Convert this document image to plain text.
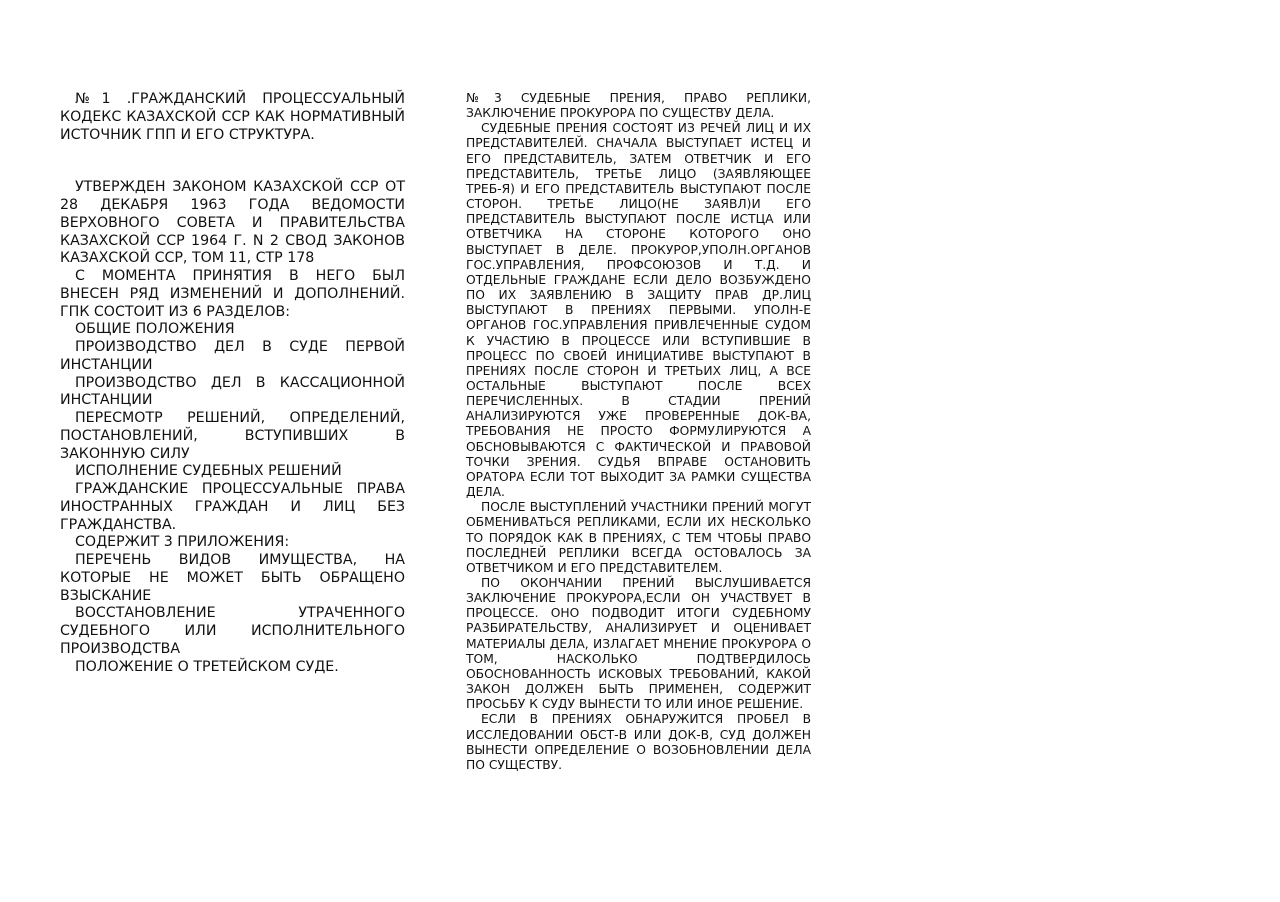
№1 .ГРАЖДАНСКИЙ ПРОЦЕССУАЛЬНЫЙ КОДЕКС КАЗАХСКОЙ ССР КАК НОРМАТИВНЫЙ ИСТОЧНИК ГПП И ЕГО СТРУКТУРА.

УТВЕРЖДЕН ЗАКОНОМ КАЗАХСКОЙ ССР ОТ 28 ДЕКАБРЯ 1963 ГОДА ВЕДОМОСТИ ВЕРХОВНОГО СОВЕТА И ПРАВИТЕЛЬСТВА КАЗАХСКОЙ ССР 1964 Г. N 2 СВОД ЗАКОНОВ КАЗАХСКОЙ ССР, ТОМ 11, СТР 178

С МОМЕНТА ПРИНЯТИЯ В НЕГО БЫЛ ВНЕСЕН РЯД ИЗМЕНЕНИЙ И ДОПОЛНЕНИЙ. ГПК СОСТОИТ ИЗ 6 РАЗДЕЛОВ:

ОБЩИЕ ПОЛОЖЕНИЯ

ПРОИЗВОДСТВО ДЕЛ В СУДЕ ПЕРВОЙ ИНСТАНЦИИ

ПРОИЗВОДСТВО ДЕЛ В КАССАЦИОННОЙ ИНСТАНЦИИ

ПЕРЕСМОТР РЕШЕНИЙ, ОПРЕДЕЛЕНИЙ, ПОСТАНОВЛЕНИЙ, ВСТУПИВШИХ В ЗАКОННУЮ СИЛУ

ИСПОЛНЕНИЕ СУДЕБНЫХ РЕШЕНИЙ

ГРАЖДАНСКИЕ ПРОЦЕССУАЛЬНЫЕ ПРАВА ИНОСТРАННЫХ ГРАЖДАН И ЛИЦ БЕЗ ГРАЖДАНСТВА.

СОДЕРЖИТ 3 ПРИЛОЖЕНИЯ:

ПЕРЕЧЕНЬ ВИДОВ ИМУЩЕСТВА, НА КОТОРЫЕ НЕ МОЖЕТ БЫТЬ ОБРАЩЕНО ВЗЫСКАНИЕ

ВОССТАНОВЛЕНИЕ УТРАЧЕННОГО СУДЕБНОГО ИЛИ ИСПОЛНИТЕЛЬНОГО ПРОИЗВОДСТВА

ПОЛОЖЕНИЕ О ТРЕТЕЙСКОМ СУДЕ.

№3 СУДЕБНЫЕ ПРЕНИЯ, ПРАВО РЕПЛИКИ, ЗАКЛЮЧЕНИЕ ПРОКУРОРА ПО СУЩЕСТВУ ДЕЛА.

СУДЕБНЫЕ ПРЕНИЯ СОСТОЯТ ИЗ РЕЧЕЙ ЛИЦ И ИХ ПРЕДСТАВИТЕЛЕЙ. СНАЧАЛА ВЫСТУПАЕТ ИСТЕЦ И ЕГО ПРЕДСТАВИТЕЛЬ, ЗАТЕМ ОТВЕТЧИК И ЕГО ПРЕДСТАВИТЕЛЬ, ТРЕТЬЕ ЛИЦО (ЗАЯВЛЯЮЩЕЕ ТРЕБ-Я) И ЕГО ПРЕДСТАВИТЕЛЬ ВЫСТУПАЮТ ПОСЛЕ СТОРОН. ТРЕТЬЕ ЛИЦО(НЕ ЗАЯВЛ)И ЕГО ПРЕДСТАВИТЕЛЬ ВЫСТУПАЮТ ПОСЛЕ ИСТЦА ИЛИ ОТВЕТЧИКА НА СТОРОНЕ КОТОРОГО ОНО ВЫСТУПАЕТ В ДЕЛЕ. ПРОКУРОР,УПОЛН.ОРГАНОВ ГОС.УПРАВЛЕНИЯ, ПРОФСОЮЗОВ И Т.Д. И ОТДЕЛЬНЫЕ ГРАЖДАНЕ ЕСЛИ ДЕЛО ВОЗБУЖДЕНО ПО ИХ ЗАЯВЛЕНИЮ В ЗАЩИТУ ПРАВ ДР.ЛИЦ ВЫСТУПАЮТ В ПРЕНИЯХ ПЕРВЫМИ. УПОЛН-Е ОРГАНОВ ГОС.УПРАВЛЕНИЯ ПРИВЛЕЧЕННЫЕ СУДОМ К УЧАСТИЮ В ПРОЦЕССЕ ИЛИ ВСТУПИВШИЕ В ПРОЦЕСС ПО СВОЕЙ ИНИЦИАТИВЕ ВЫСТУПАЮТ В ПРЕНИЯХ ПОСЛЕ СТОРОН И ТРЕТЬИХ ЛИЦ, А ВСЕ ОСТАЛЬНЫЕ ВЫСТУПАЮТ ПОСЛЕ ВСЕХ ПЕРЕЧИСЛЕННЫХ. В СТАДИИ ПРЕНИЙ АНАЛИЗИРУЮТСЯ УЖЕ ПРОВЕРЕННЫЕ ДОК-ВА, ТРЕБОВАНИЯ НЕ ПРОСТО ФОРМУЛИРУЮТСЯ А ОБСНОВЫВАЮТСЯ С ФАКТИЧЕСКОЙ И ПРАВОВОЙ ТОЧКИ ЗРЕНИЯ. СУДЬЯ ВПРАВЕ ОСТАНОВИТЬ ОРАТОРА ЕСЛИ ТОТ ВЫХОДИТ ЗА РАМКИ СУЩЕСТВА ДЕЛА.

ПОСЛЕ ВЫСТУПЛЕНИЙ УЧАСТНИКИ ПРЕНИЙ МОГУТ ОБМЕНИВАТЬСЯ РЕПЛИКАМИ, ЕСЛИ ИХ НЕСКОЛЬКО ТО ПОРЯДОК КАК В ПРЕНИЯХ, С ТЕМ ЧТОБЫ ПРАВО ПОСЛЕДНЕЙ РЕПЛИКИ ВСЕГДА ОСТОВАЛОСЬ ЗА ОТВЕТЧИКОМ И ЕГО ПРЕДСТАВИТЕЛЕМ.

ПО ОКОНЧАНИИ ПРЕНИЙ ВЫСЛУШИВАЕТСЯ ЗАКЛЮЧЕНИЕ ПРОКУРОРА,ЕСЛИ ОН УЧАСТВУЕТ В ПРОЦЕССЕ. ОНО ПОДВОДИТ ИТОГИ СУДЕБНОМУ РАЗБИРАТЕЛЬСТВУ, АНАЛИЗИРУЕТ И ОЦЕНИВАЕТ МАТЕРИАЛЫ ДЕЛА, ИЗЛАГАЕТ МНЕНИЕ ПРОКУРОРА О ТОМ, НАСКОЛЬКО ПОДТВЕРДИЛОСЬ ОБОСНОВАННОСТЬ ИСКОВЫХ ТРЕБОВАНИЙ, КАКОЙ ЗАКОН ДОЛЖЕН БЫТЬ ПРИМЕНЕН, СОДЕРЖИТ ПРОСЬБУ К СУДУ ВЫНЕСТИ ТО ИЛИ ИНОЕ РЕШЕНИЕ.

ЕСЛИ В ПРЕНИЯХ ОБНАРУЖИТСЯ ПРОБЕЛ В ИССЛЕДОВАНИИ ОБСТ-В ИЛИ ДОК-В, СУД ДОЛЖЕН ВЫНЕСТИ ОПРЕДЕЛЕНИЕ О ВОЗОБНОВЛЕНИИ ДЕЛА ПО СУЩЕСТВУ.
